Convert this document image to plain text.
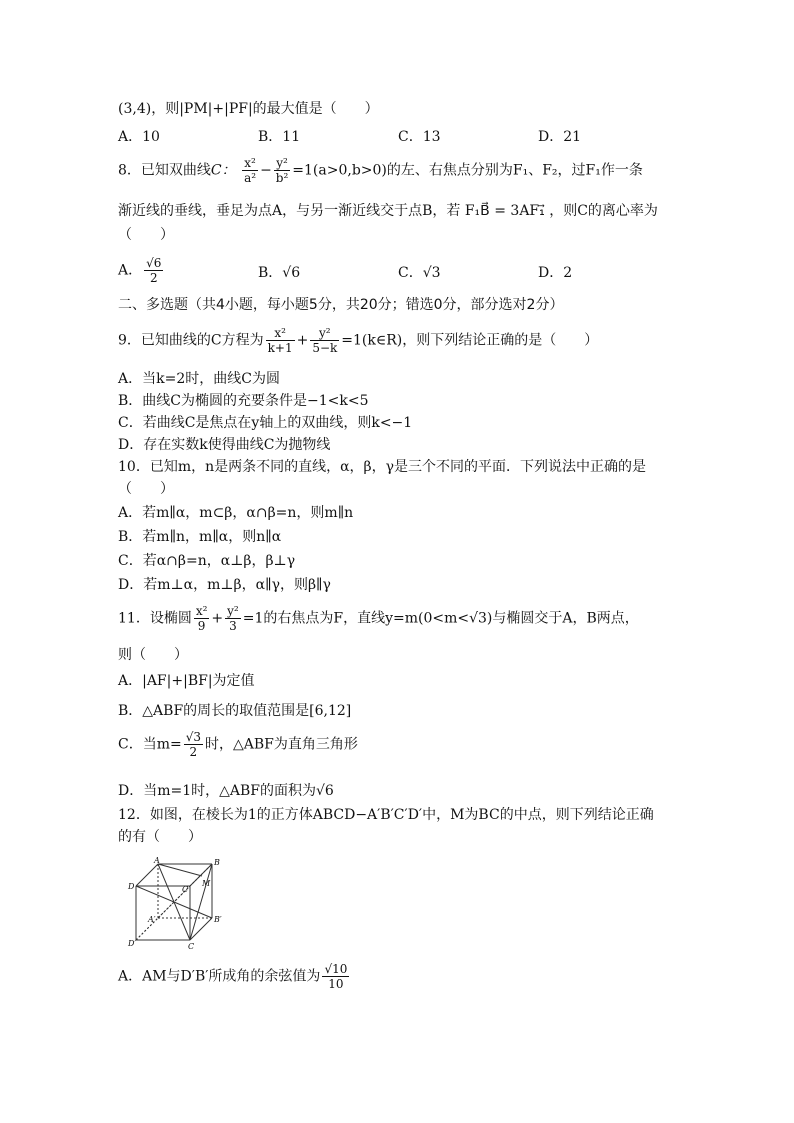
(3,4)，则|PM|+|PF|的最大值是（　　）
A．10	B．11	C．13	D．21
8．已知双曲线C： $\frac{\text{x²}}{\text{a²}} - \frac{\text{y²}}{\text{b²}} =1(a>0,b>0)$的左、右焦点分别为F₁、F₂，过F₁作一条
渐近线的垂线，垂足为点A，与另一渐近线交于点B，若 F₁B⃗ = 3AF₁⃗ ，则C的离心率为
（　　）
A． $\frac{√6}{2}$	B．√6	C．√3	D．2
二、多选题（共4小题，每小题5分，共20分；错选0分，部分选对2分）
9．已知曲线的C方程为 $\frac{\text{x²}}{k+1} + \frac{\text{y²}}{5-k}$ =1(k∈R)，则下列结论正确的是（　　）
A．当k=2时，曲线C为圆
B．曲线C为椭圆的充要条件是−1<k<5
C．若曲线C是焦点在y轴上的双曲线，则k<−1
D．存在实数k使得曲线C为抛物线
10．已知m，n是两条不同的直线，α，β，γ是三个不同的平面．下列说法中正确的是
（　　）
A．若m∥α，m⊂β，α∩β=n，则m∥n
B．若m∥n，m∥α，则n∥α
C．若α∩β=n，α⊥β，β⊥γ
D．若m⊥α，m⊥β，α∥γ，则β∥γ
11．设椭圆 $\frac{\text{x²}}{9} + \frac{\text{y²}}{3} =1$的右焦点为F，直线y=m(0<m<√3)与椭圆交于A，B两点，
则（　　）
A．|AF|+|BF|为定值
B．△ABF的周长的取值范围是[6,12]
C．当$m= \frac{√3}{2}$ 时，△ABF为直角三角形
D．当m=1时，△ABF的面积为√6
12．如图，在棱长为1的正方体ABCD−A′B′C′D′中，M为BC的中点，则下列结论正确
的有（　　）
A	B
D	C
M
A′	B′
D′	C
A．AM与D′B′所成角的余弦值为 $\frac{√10}{10}$
